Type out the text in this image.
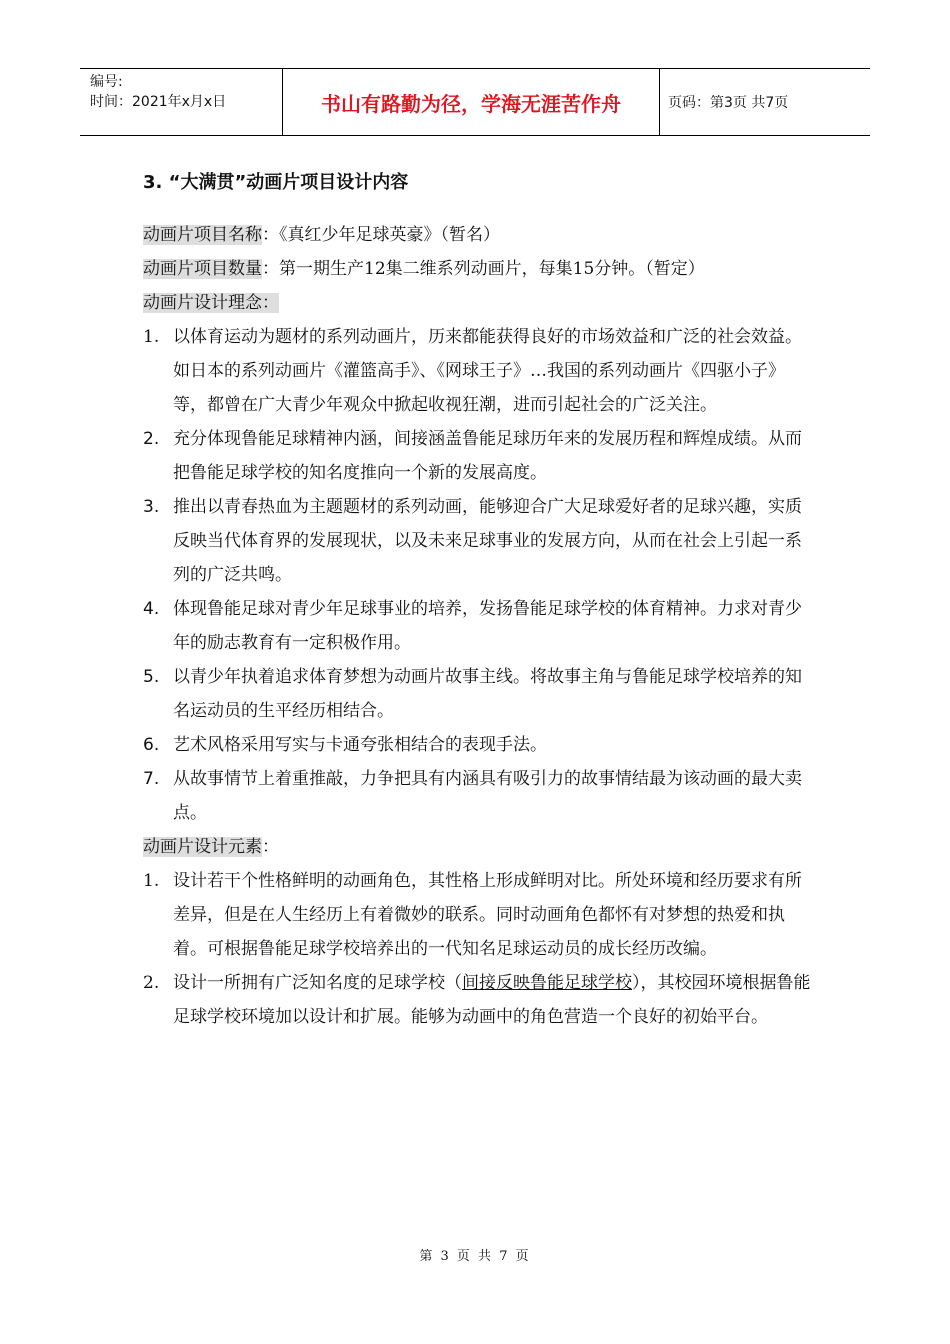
编号:
时间：2021年x月x日	书山有路勤为径，学海无涯苦作舟	页码：第3页 共7页
3. “大满贯”动画片项目设计内容

动画片项目名称：《真红少年足球英豪》（暂名）

动画片项目数量：第一期生产12集二维系列动画片，每集15分钟。（暂定）

动画片设计理念：

1. 以体育运动为题材的系列动画片，历来都能获得良好的市场效益和广泛的社会效益。如日本的系列动画片《灌篮高手》、《网球王子》…我国的系列动画片《四驱小子》等，都曾在广大青少年观众中掀起收视狂潮，进而引起社会的广泛关注。
2. 充分体现鲁能足球精神内涵，间接涵盖鲁能足球历年来的发展历程和辉煌成绩。从而把鲁能足球学校的知名度推向一个新的发展高度。
3. 推出以青春热血为主题题材的系列动画，能够迎合广大足球爱好者的足球兴趣，实质反映当代体育界的发展现状，以及未来足球事业的发展方向，从而在社会上引起一系列的广泛共鸣。
4. 体现鲁能足球对青少年足球事业的培养，发扬鲁能足球学校的体育精神。力求对青少年的励志教育有一定积极作用。
5. 以青少年执着追求体育梦想为动画片故事主线。将故事主角与鲁能足球学校培养的知名运动员的生平经历相结合。
6. 艺术风格采用写实与卡通夸张相结合的表现手法。
7. 从故事情节上着重推敲，力争把具有内涵具有吸引力的故事情结最为该动画的最大卖点。

动画片设计元素：

1. 设计若干个性格鲜明的动画角色，其性格上形成鲜明对比。所处环境和经历要求有所差异，但是在人生经历上有着微妙的联系。同时动画角色都怀有对梦想的热爱和执着。可根据鲁能足球学校培养出的一代知名足球运动员的成长经历改编。
2. 设计一所拥有广泛知名度的足球学校（间接反映鲁能足球学校），其校园环境根据鲁能足球学校环境加以设计和扩展。能够为动画中的角色营造一个良好的初始平台。
第 3 页 共 7 页
